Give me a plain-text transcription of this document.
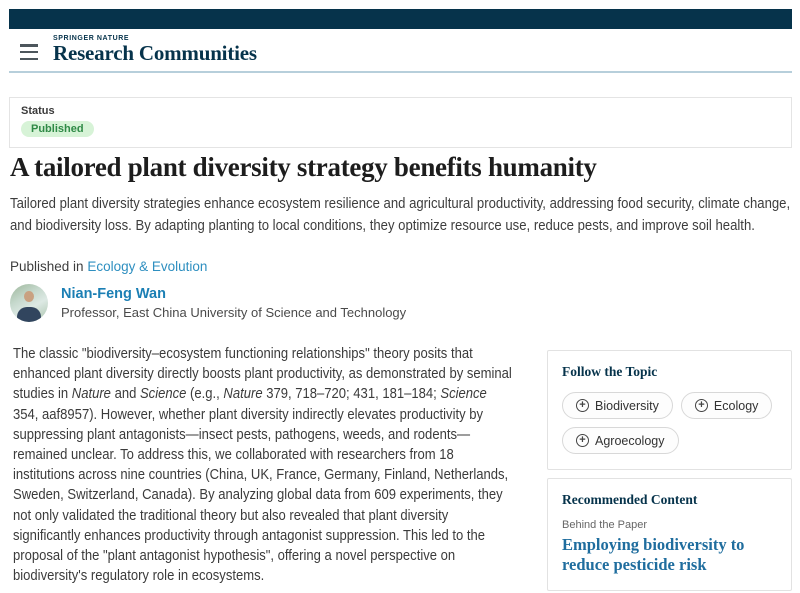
SPRINGER NATURE
Research Communities
Status
Published
A tailored plant diversity strategy benefits humanity

Tailored plant diversity strategies enhance ecosystem resilience and agricultural productivity, addressing food security, climate change, and biodiversity loss. By adapting planting to local conditions, they optimize resource use, reduce pests, and improve soil health.

Published in Ecology & Evolution
Nian-Feng Wan
Professor, East China University of Science and Technology

The classic "biodiversity–ecosystem functioning relationships" theory posits that enhanced plant diversity directly boosts plant productivity, as demonstrated by seminal studies in Nature and Science (e.g., Nature 379, 718–720; 431, 181–184; Science 354, aaf8957). However, whether plant diversity indirectly elevates productivity by suppressing plant antagonists—insect pests, pathogens, weeds, and rodents—remained unclear. To address this, we collaborated with researchers from 18 institutions across nine countries (China, UK, France, Germany, Finland, Netherlands, Sweden, Switzerland, Canada). By analyzing global data from 609 experiments, they not only validated the traditional theory but also revealed that plant diversity significantly enhances productivity through antagonist suppression. This led to the proposal of the "plant antagonist hypothesis", offering a novel perspective on biodiversity's regulatory role in ecosystems.

Follow the Topic
+ Biodiversity	+ Ecology
+ Agroecology
Recommended Content
Behind the Paper
Employing biodiversity to reduce pesticide risk
